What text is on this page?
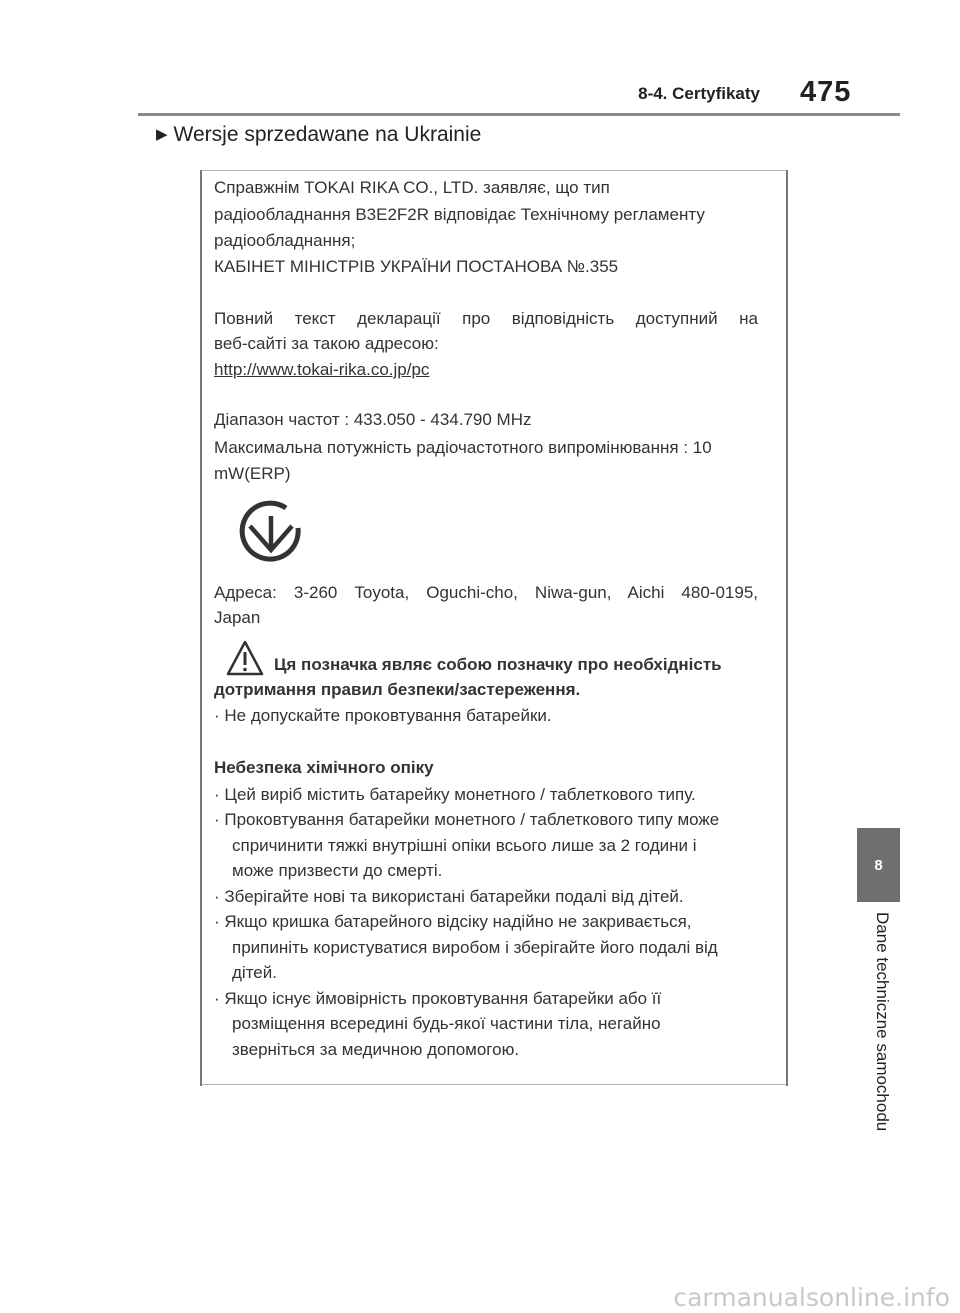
8-4. Certyfikaty 475
▶ Wersje sprzedawane na Ukrainie
Справжнім TOKAI RIKA CO., LTD. заявляє, що тип
радіообладнання B3E2F2R відповідає Технічному регламенту
радіообладнання;
КАБІНЕТ МІНІСТРІВ УКРАЇНИ ПОСТАНОВА №.355
Повний текст декларації про відповідність доступний на
веб-сайті за такою адресою:
http://www.tokai-rika.co.jp/pc
Діапазон частот : 433.050 - 434.790 MHz
Максимальна потужність радіочастотного випромінювання : 10
mW(ERP)
Адреса: 3-260 Toyota, Oguchi-cho, Niwa-gun, Aichi 480-0195,
Japan
Ця позначка являє собою позначку про необхідність
дотримання правил безпеки/застереження.
· Не допускайте проковтування батарейки.
Небезпека хімічного опіку
· Цей виріб містить батарейку монетного / таблеткового типу.
· Проковтування батарейки монетного / таблеткового типу може
спричинити тяжкі внутрішні опіки всього лише за 2 години і
може призвести до смерті.
· Зберігайте нові та використані батарейки подалі від дітей.
· Якщо кришка батарейного відсіку надійно не закривається,
припиніть користуватися виробом і зберігайте його подалі від
дітей.
· Якщо існує ймовірність проковтування батарейки або її
розміщення всередині будь-якої частини тіла, негайно
зверніться за медичною допомогою.
8
Dane techniczne samochodu
carmanualsonline.info
